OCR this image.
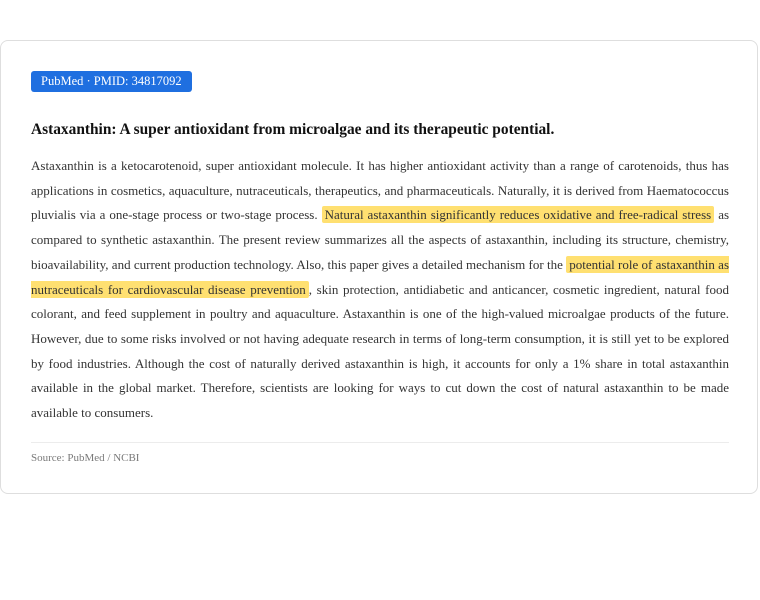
PubMed · PMID: 34817092
Astaxanthin: A super antioxidant from microalgae and its therapeutic potential.

Astaxanthin is a ketocarotenoid, super antioxidant molecule. It has higher antioxidant activity than a range of carotenoids, thus has applications in cosmetics, aquaculture, nutraceuticals, therapeutics, and pharmaceuticals. Naturally, it is derived from Haematococcus pluvialis via a one-stage process or two-stage process. Natural astaxanthin significantly reduces oxidative and free-radical stress as compared to synthetic astaxanthin. The present review summarizes all the aspects of astaxanthin, including its structure, chemistry, bioavailability, and current production technology. Also, this paper gives a detailed mechanism for the potential role of astaxanthin as nutraceuticals for cardiovascular disease prevention , skin protection, antidiabetic and anticancer, cosmetic ingredient, natural food colorant, and feed supplement in poultry and aquaculture. Astaxanthin is one of the high-valued microalgae products of the future. However, due to some risks involved or not having adequate research in terms of long-term consumption, it is still yet to be explored by food industries. Although the cost of naturally derived astaxanthin is high, it accounts for only a 1% share in total astaxanthin available in the global market. Therefore, scientists are looking for ways to cut down the cost of natural astaxanthin to be made available to consumers.

Source: PubMed / NCBI
